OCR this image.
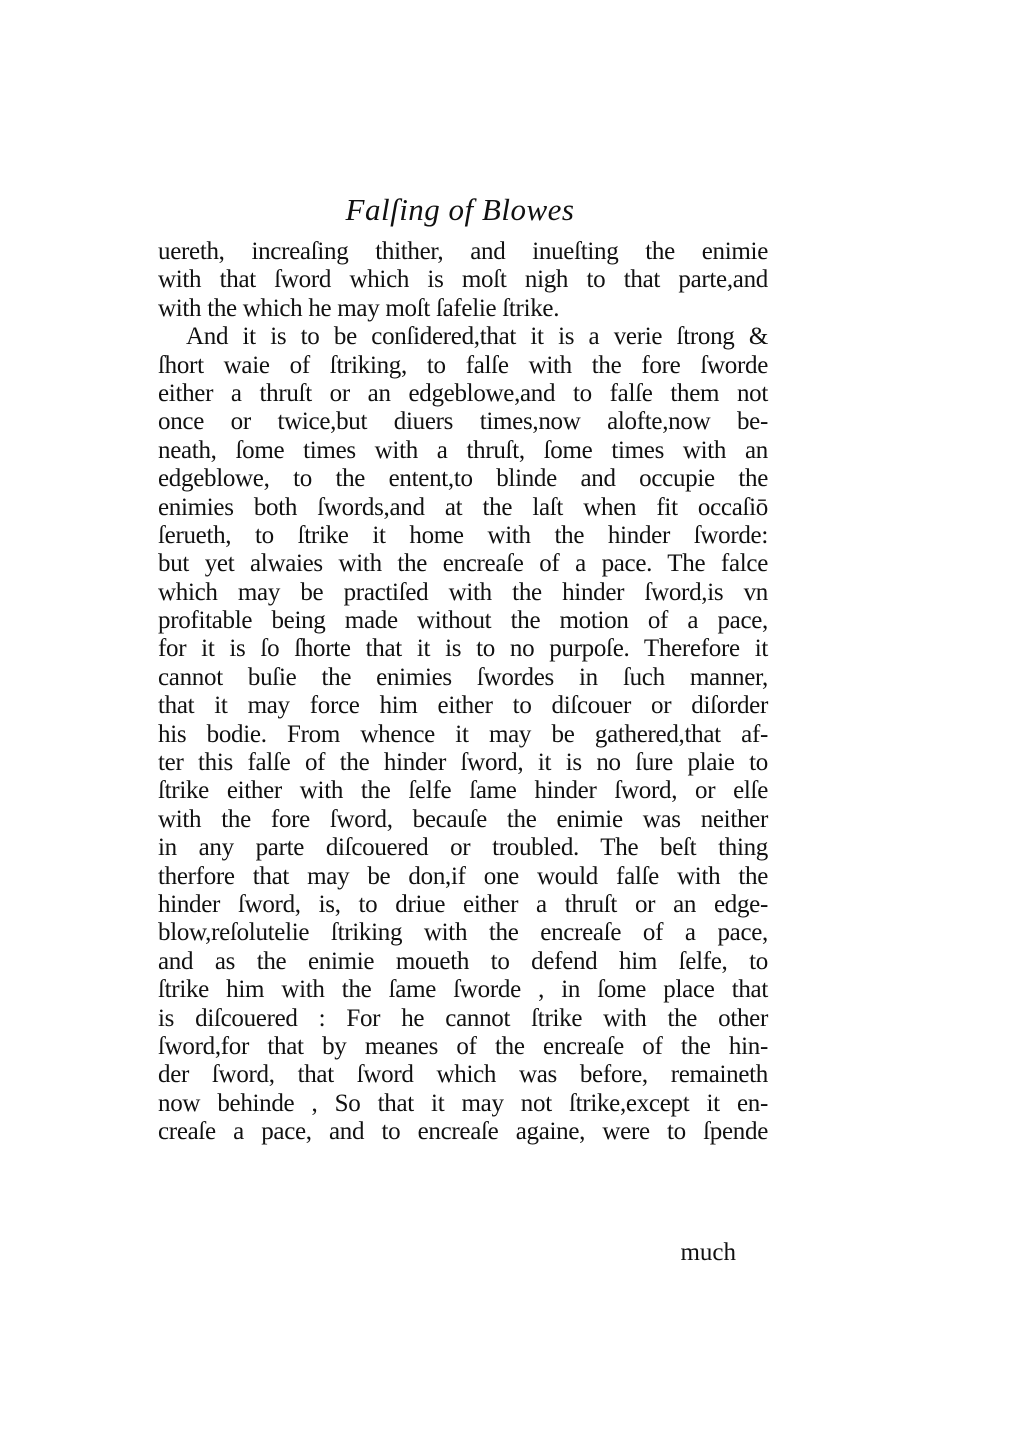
Falſing of Blowes
uereth, increaſing thither, and inueſting the enimie
with that ſword which is moſt nigh to that parte,and
with the which he may moſt ſafelie ſtrike.
And it is to be conſidered,that it is a verie ſtrong &
ſhort waie of ſtriking, to falſe with the fore ſworde
either a thruſt or an edgeblowe,and to falſe them not
once or twice,but diuers times,now alofte,now be-
neath, ſome times with a thruſt, ſome times with an
edgeblowe, to the entent,to blinde and occupie the
enimies both ſwords,and at the laſt when fit occaſiō
ſerueth, to ſtrike it home with the hinder ſworde:
but yet alwaies with the encreaſe of a pace. The falce
which may be practiſed with the hinder ſword,is vn
profitable being made without the motion of a pace,
for it is ſo ſhorte that it is to no purpoſe. Therefore it
cannot buſie the enimies ſwordes in ſuch manner,
that it may force him either to diſcouer or diſorder
his bodie. From whence it may be gathered,that af-
ter this falſe of the hinder ſword, it is no ſure plaie to
ſtrike either with the ſelfe ſame hinder ſword, or elſe
with the fore ſword, becauſe the enimie was neither
in any parte diſcouered or troubled. The beſt thing
therfore that may be don,if one would falſe with the
hinder ſword, is, to driue either a thruſt or an edge-
blow,reſolutelie ſtriking with the encreaſe of a pace,
and as the enimie moueth to defend him ſelfe, to
ſtrike him with the ſame ſworde , in ſome place that
is diſcouered : For he cannot ſtrike with the other
ſword,for that by meanes of the encreaſe of the hin-
der ſword, that ſword which was before, remaineth
now behinde , So that it may not ſtrike,except it en-
creaſe a pace, and to encreaſe againe, were to ſpende
much
